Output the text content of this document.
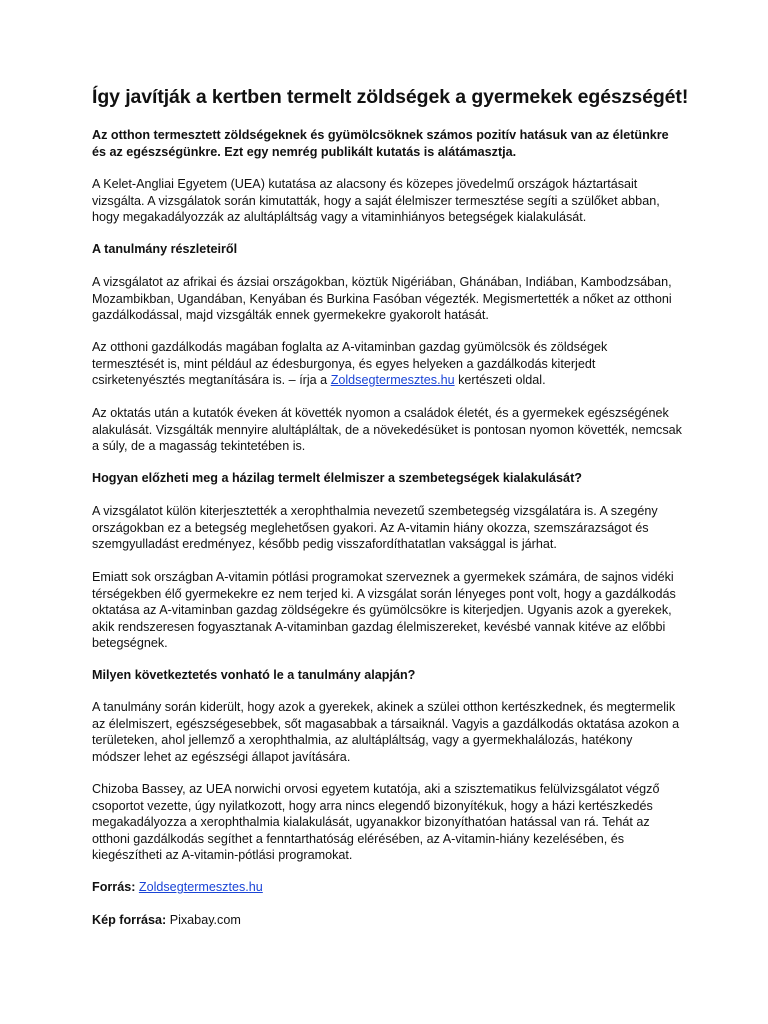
Így javítják a kertben termelt zöldségek a gyermekek egészségét!

Az otthon termesztett zöldségeknek és gyümölcsöknek számos pozitív hatásuk van az életünkre és az egészségünkre. Ezt egy nemrég publikált kutatás is alátámasztja.

A Kelet-Angliai Egyetem (UEA) kutatása az alacsony és közepes jövedelmű országok háztartásait vizsgálta. A vizsgálatok során kimutatták, hogy a saját élelmiszer termesztése segíti a szülőket abban, hogy megakadályozzák az alultápláltság vagy a vitaminhiányos betegségek kialakulását.

A tanulmány részleteiről

A vizsgálatot az afrikai és ázsiai országokban, köztük Nigériában, Ghánában, Indiában, Kambodzsában, Mozambikban, Ugandában, Kenyában és Burkina Fasóban végezték. Megismertették a nőket az otthoni gazdálkodással, majd vizsgálták ennek gyermekekre gyakorolt hatását.

Az otthoni gazdálkodás magában foglalta az A-vitaminban gazdag gyümölcsök és zöldségek termesztését is, mint például az édesburgonya, és egyes helyeken a gazdálkodás kiterjedt csirketenyésztés megtanítására is. – írja a Zoldsegtermesztes.hu kertészeti oldal.

Az oktatás után a kutatók éveken át követték nyomon a családok életét, és a gyermekek egészségének alakulását. Vizsgálták mennyire alultápláltak, de a növekedésüket is pontosan nyomon követték, nemcsak a súly, de a magasság tekintetében is.

Hogyan előzheti meg a házilag termelt élelmiszer a szembetegségek kialakulását?

A vizsgálatot külön kiterjesztették a xerophthalmia nevezetű szembetegség vizsgálatára is. A szegény országokban ez a betegség meglehetősen gyakori. Az A-vitamin hiány okozza, szemszárazságot és szemgyulladást eredményez, később pedig visszafordíthatatlan vaksággal is járhat.

Emiatt sok országban A-vitamin pótlási programokat szerveznek a gyermekek számára, de sajnos vidéki térségekben élő gyermekekre ez nem terjed ki. A vizsgálat során lényeges pont volt, hogy a gazdálkodás oktatása az A-vitaminban gazdag zöldségekre és gyümölcsökre is kiterjedjen. Ugyanis azok a gyerekek, akik rendszeresen fogyasztanak A-vitaminban gazdag élelmiszereket, kevésbé vannak kitéve az előbbi betegségnek.

Milyen következtetés vonható le a tanulmány alapján?

A tanulmány során kiderült, hogy azok a gyerekek, akinek a szülei otthon kertészkednek, és megtermelik az élelmiszert, egészségesebbek, sőt magasabbak a társaiknál. Vagyis a gazdálkodás oktatása azokon a területeken, ahol jellemző a xerophthalmia, az alultápláltság, vagy a gyermekhalálozás, hatékony módszer lehet az egészségi állapot javítására.

Chizoba Bassey, az UEA norwichi orvosi egyetem kutatója, aki a szisztematikus felülvizsgálatot végző csoportot vezette, úgy nyilatkozott, hogy arra nincs elegendő bizonyítékuk, hogy a házi kertészkedés megakadályozza a xerophthalmia kialakulását, ugyanakkor bizonyíthatóan hatással van rá. Tehát az otthoni gazdálkodás segíthet a fenntarthatóság elérésében, az A-vitamin-hiány kezelésében, és kiegészítheti az A-vitamin-pótlási programokat.

Forrás: Zoldsegtermesztes.hu

Kép forrása: Pixabay.com
